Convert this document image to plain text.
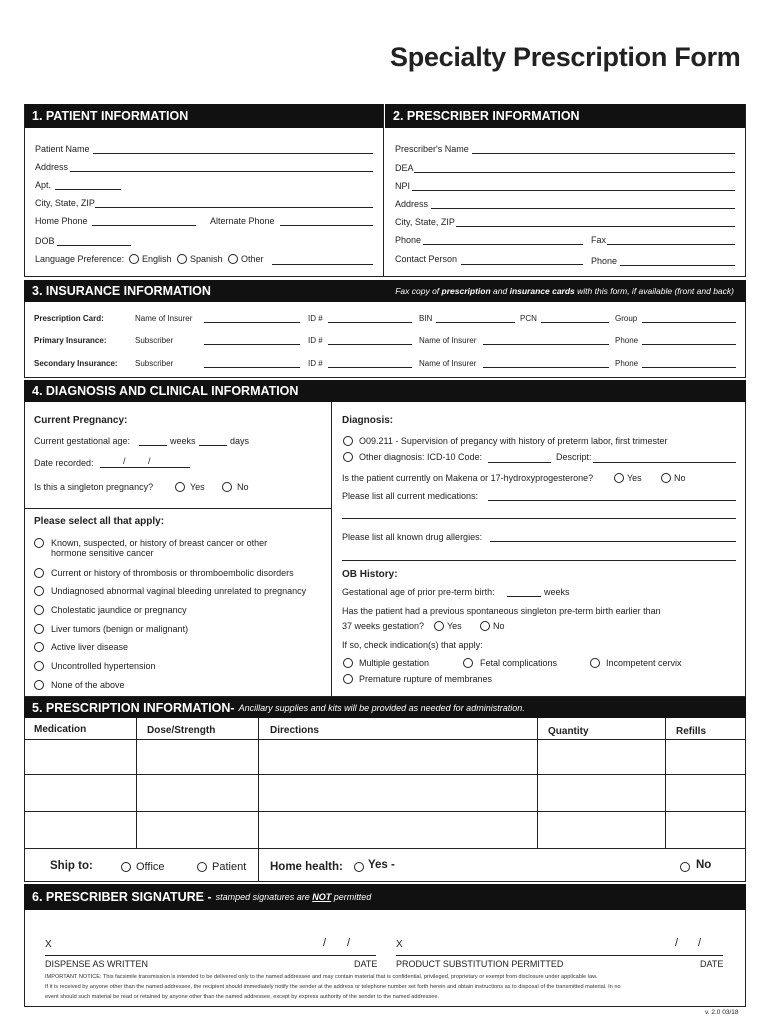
Specialty Prescription Form
1. PATIENT INFORMATION	2. PRESCRIBER INFORMATION
Patient Name
Address
Apt.
City, State, ZIP
Home Phone	Alternate Phone
DOB
Language Preference: English Spanish Other
Prescriber's Name
DEA
NPI
Address
City, State, ZIP
Phone	Fax
Contact Person	Phone
3. INSURANCE INFORMATION	Fax copy of prescription and insurance cards with this form, if available (front and back)
Prescription Card:	Name of Insurer	ID #	BIN	PCN	Group
Primary Insurance:	Subscriber	ID #	Name of Insurer	Phone
Secondary Insurance: Subscriber	ID #	Name of Insurer	Phone
4. DIAGNOSIS AND CLINICAL INFORMATION
Current Pregnancy:
Current gestational age:	weeks	days
Date recorded:	/ /
Is this a singleton pregnancy?	Yes	No
Please select all that apply:
Known, suspected, or history of breast cancer or other
hormone sensitive cancer
Current or history of thrombosis or thromboembolic disorders
Undiagnosed abnormal vaginal bleeding unrelated to pregnancy
Cholestatic jaundice or pregnancy
Liver tumors (benign or malignant)
Active liver disease
Uncontrolled hypertension
None of the above
Diagnosis:
O09.211 - Supervision of pregancy with history of preterm labor, first trimester
Other diagnosis: ICD-10 Code:	Descript:
Is the patient currently on Makena or 17-hydroxyprogesterone?	Yes	No
Please list all current medications:
Please list all known drug allergies:
OB History:
Gestational age of prior pre-term birth:	weeks
Has the patient had a previous spontaneous singleton pre-term birth earlier than
37 weeks gestation?	Yes	No
If so, check indication(s) that apply:
Multiple gestation	Fetal complications	Incompetent cervix
Premature rupture of membranes
5. PRESCRIPTION INFORMATION- Ancillary supplies and kits will be provided as needed for administration.
Medication	Dose/Strength	Directions	Quantity	Refills
Ship to:	Office	Patient Home health: Yes -	No
6. PRESCRIBER SIGNATURE - stamped signatures are NOT permitted
X	/ /
DISPENSE AS WRITTEN	DATE
X	/ /
PRODUCT SUBSTITUTION PERMITTED	DATE
IMPORTANT NOTICE: This facsimile transmission is intended to be delivered only to the named addressee and may contain material that is confidential, privileged, proprietary or exempt from disclosure under applicable law.
If it is received by anyone other than the named addressee, the recipient should immediately notify the sender at the address or telephone number set forth herein and obtain instructions as to disposal of the transmitted material. In no
event should such material be read or retained by anyone other than the named addressee, except by express authority of the sender to the named addressee.
v. 2.0 03/18
